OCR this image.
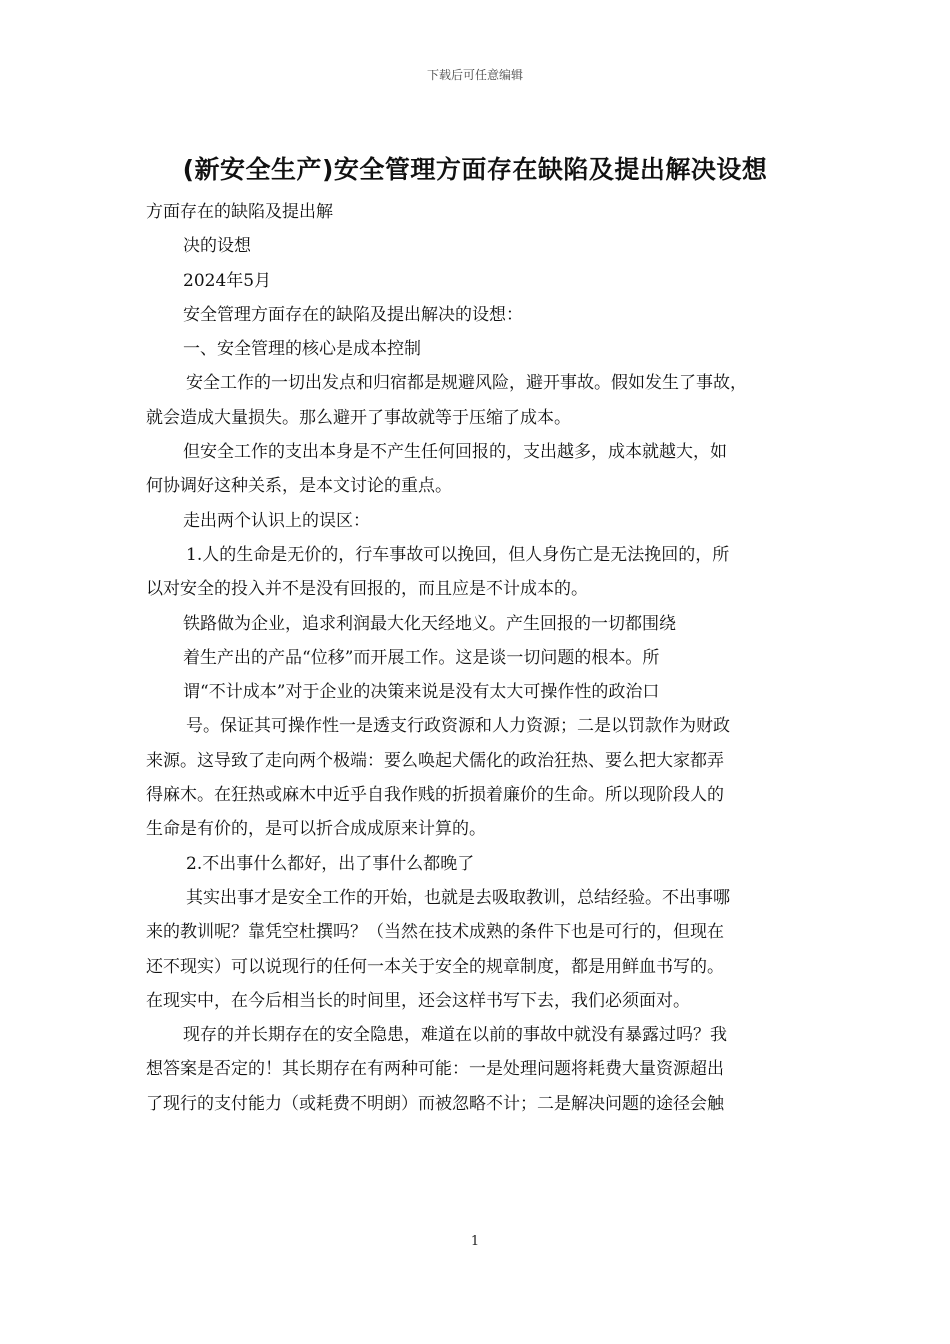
下载后可任意编辑
(新安全生产)安全管理方面存在缺陷及提出解决设想

方面存在的缺陷及提出解

决的设想

2024年5月

安全管理方面存在的缺陷及提出解决的设想：

一、安全管理的核心是成本控制

安全工作的一切出发点和归宿都是规避风险，避开事故。假如发生了事故，

就会造成大量损失。那么避开了事故就等于压缩了成本。

但安全工作的支出本身是不产生任何回报的，支出越多，成本就越大，如

何协调好这种关系，是本文讨论的重点。

走出两个认识上的误区：

1.人的生命是无价的，行车事故可以挽回，但人身伤亡是无法挽回的，所

以对安全的投入并不是没有回报的，而且应是不计成本的。

铁路做为企业，追求利润最大化天经地义。产生回报的一切都围绕

着生产出的产品“位移”而开展工作。这是谈一切问题的根本。所

谓“不计成本”对于企业的决策来说是没有太大可操作性的政治口

号。保证其可操作性一是透支行政资源和人力资源；二是以罚款作为财政

来源。这导致了走向两个极端：要么唤起犬儒化的政治狂热、要么把大家都弄

得麻木。在狂热或麻木中近乎自我作贱的折损着廉价的生命。所以现阶段人的

生命是有价的，是可以折合成成原来计算的。

2.不出事什么都好，出了事什么都晚了

其实出事才是安全工作的开始，也就是去吸取教训，总结经验。不出事哪

来的教训呢？靠凭空杜撰吗？（当然在技术成熟的条件下也是可行的，但现在

还不现实）可以说现行的任何一本关于安全的规章制度，都是用鲜血书写的。

在现实中，在今后相当长的时间里，还会这样书写下去，我们必须面对。

现存的并长期存在的安全隐患，难道在以前的事故中就没有暴露过吗？我

想答案是否定的！其长期存在有两种可能：一是处理问题将耗费大量资源超出

了现行的支付能力（或耗费不明朗）而被忽略不计；二是解决问题的途径会触

1
